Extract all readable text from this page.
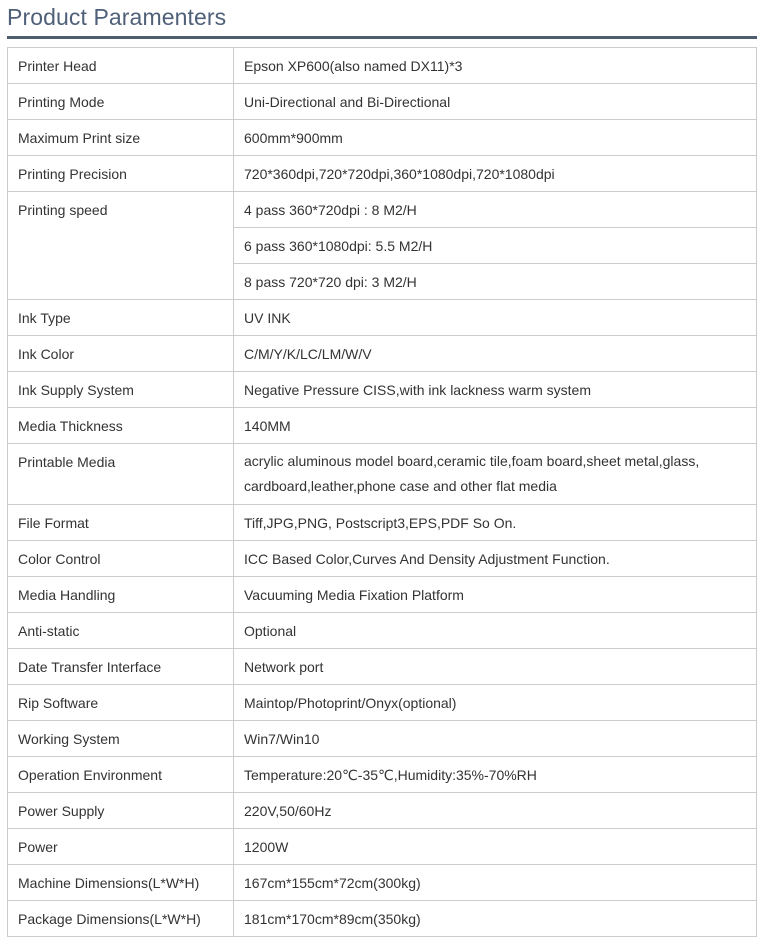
Product Paramenters
Printer Head	Epson XP600(also named DX11)*3
Printing Mode	Uni-Directional and Bi-Directional
Maximum Print size	600mm*900mm
Printing Precision	720*360dpi,720*720dpi,360*1080dpi,720*1080dpi
Printing speed	4 pass 360*720dpi : 8 M2/H
	6 pass 360*1080dpi: 5.5 M2/H
	8 pass 720*720 dpi: 3 M2/H
Ink Type	UV INK
Ink Color	C/M/Y/K/LC/LM/W/V
Ink Supply System	Negative Pressure CISS,with ink lackness warm system
Media Thickness	140MM
Printable Media	acrylic aluminous model board,ceramic tile,foam board,sheet metal,glass, cardboard,leather,phone case and other flat media
File Format	Tiff,JPG,PNG, Postscript3,EPS,PDF So On.
Color Control	ICC Based Color,Curves And Density Adjustment Function.
Media Handling	Vacuuming Media Fixation Platform
Anti-static	Optional
Date Transfer Interface	Network port
Rip Software	Maintop/Photoprint/Onyx(optional)
Working System	Win7/Win10
Operation Environment	Temperature:20℃-35℃,Humidity:35%-70%RH
Power Supply	220V,50/60Hz
Power	1200W
Machine Dimensions(L*W*H)	167cm*155cm*72cm(300kg)
Package Dimensions(L*W*H)	181cm*170cm*89cm(350kg)
